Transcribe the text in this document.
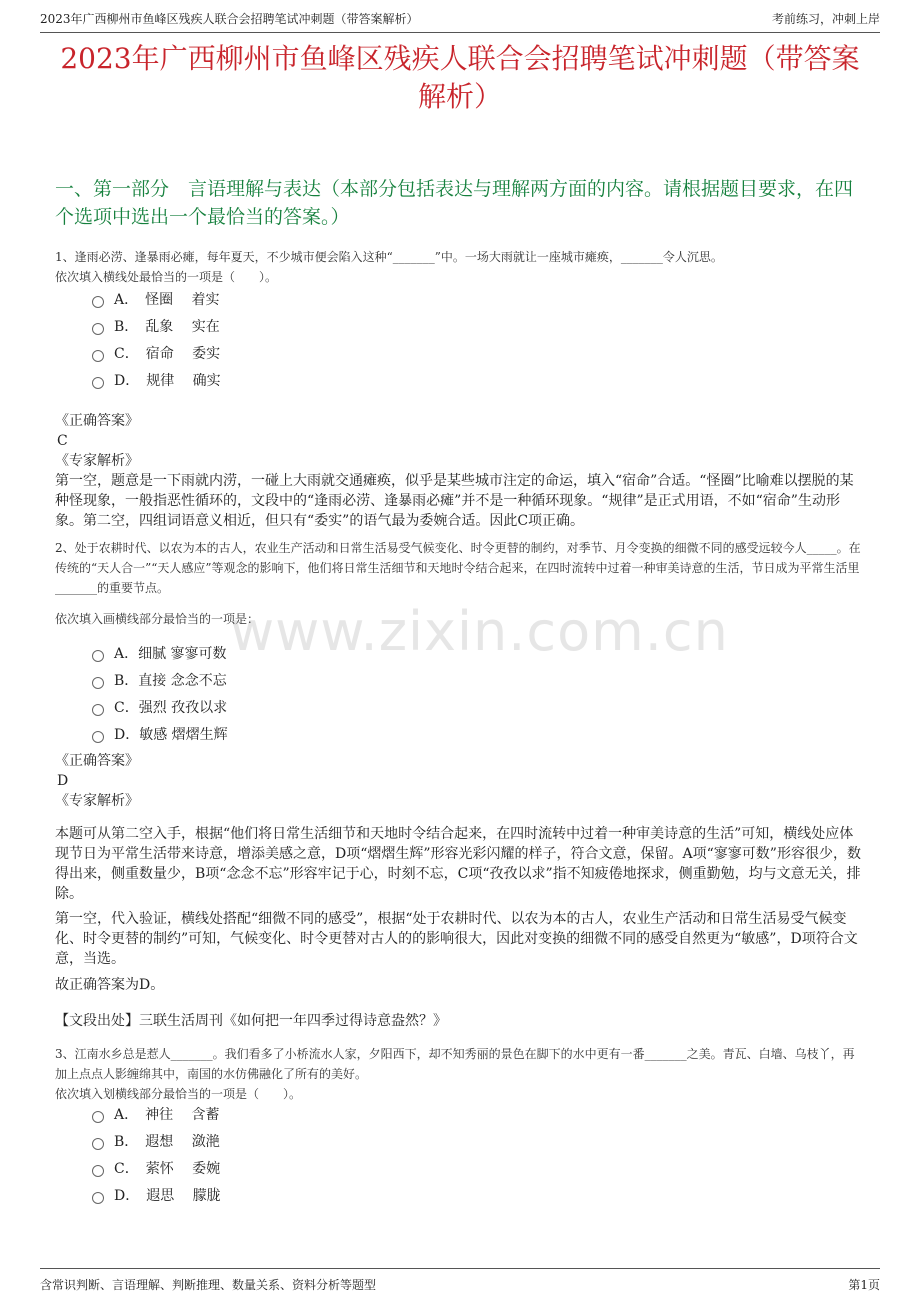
2023年广西柳州市鱼峰区残疾人联合会招聘笔试冲刺题（带答案解析）	考前练习，冲刺上岸
2023年广西柳州市鱼峰区残疾人联合会招聘笔试冲刺题（带答案解析）
一、第一部分　言语理解与表达（本部分包括表达与理解两方面的内容。请根据题目要求，在四个选项中选出一个最恰当的答案。）
www.zixin.com.cn
1、逢雨必涝、逢暴雨必瘫，每年夏天，不少城市便会陷入这种“_______”中。一场大雨就让一座城市瘫痪，_______令人沉思。
依次填入横线处最恰当的一项是（　　）。
A．　怪圈　 着实
B．　乱象　 实在
C．　宿命　 委实
D．　规律　 确实
《正确答案》
C
《专家解析》
第一空，题意是一下雨就内涝，一碰上大雨就交通瘫痪，似乎是某些城市注定的命运，填入“宿命”合适。“怪圈”比喻难以摆脱的某种怪现象，一般指恶性循环的，文段中的“逢雨必涝、逢暴雨必瘫”并不是一种循环现象。“规律”是正式用语，不如“宿命”生动形象。第二空，四组词语意义相近，但只有“委实”的语气最为委婉合适。因此C项正确。
2、处于农耕时代、以农为本的古人，农业生产活动和日常生活易受气候变化、时令更替的制约，对季节、月令变换的细微不同的感受远较今人_____。在传统的“天人合一”“天人感应”等观念的影响下，他们将日常生活细节和天地时令结合起来，在四时流转中过着一种审美诗意的生活，节日成为平常生活里_______的重要节点。
依次填入画横线部分最恰当的一项是：
A．细腻 寥寥可数
B．直接 念念不忘
C．强烈 孜孜以求
D．敏感 熠熠生辉
《正确答案》
D
《专家解析》
本题可从第二空入手，根据“他们将日常生活细节和天地时令结合起来，在四时流转中过着一种审美诗意的生活”可知，横线处应体现节日为平常生活带来诗意，增添美感之意，D项“熠熠生辉”形容光彩闪耀的样子，符合文意，保留。A项“寥寥可数”形容很少，数得出来，侧重数量少，B项“念念不忘”形容牢记于心，时刻不忘，C项“孜孜以求”指不知疲倦地探求，侧重勤勉，均与文意无关，排除。
第一空，代入验证，横线处搭配“细微不同的感受”，根据“处于农耕时代、以农为本的古人，农业生产活动和日常生活易受气候变化、时令更替的制约”可知，气候变化、时令更替对古人的的影响很大，因此对变换的细微不同的感受自然更为“敏感”，D项符合文意，当选。
故正确答案为D。
【文段出处】三联生活周刊《如何把一年四季过得诗意盎然？》
3、江南水乡总是惹人_______。我们看多了小桥流水人家，夕阳西下，却不知秀丽的景色在脚下的水中更有一番_______之美。青瓦、白墙、乌枝丫，再加上点点人影缠绵其中，南国的水仿佛融化了所有的美好。
依次填入划横线部分最恰当的一项是（　　）。
A．　神往　 含蓄
B．　遐想　 潋滟
C．　萦怀　 委婉
D．　遐思　 朦胧
含常识判断、言语理解、判断推理、数量关系、资料分析等题型	第1页
